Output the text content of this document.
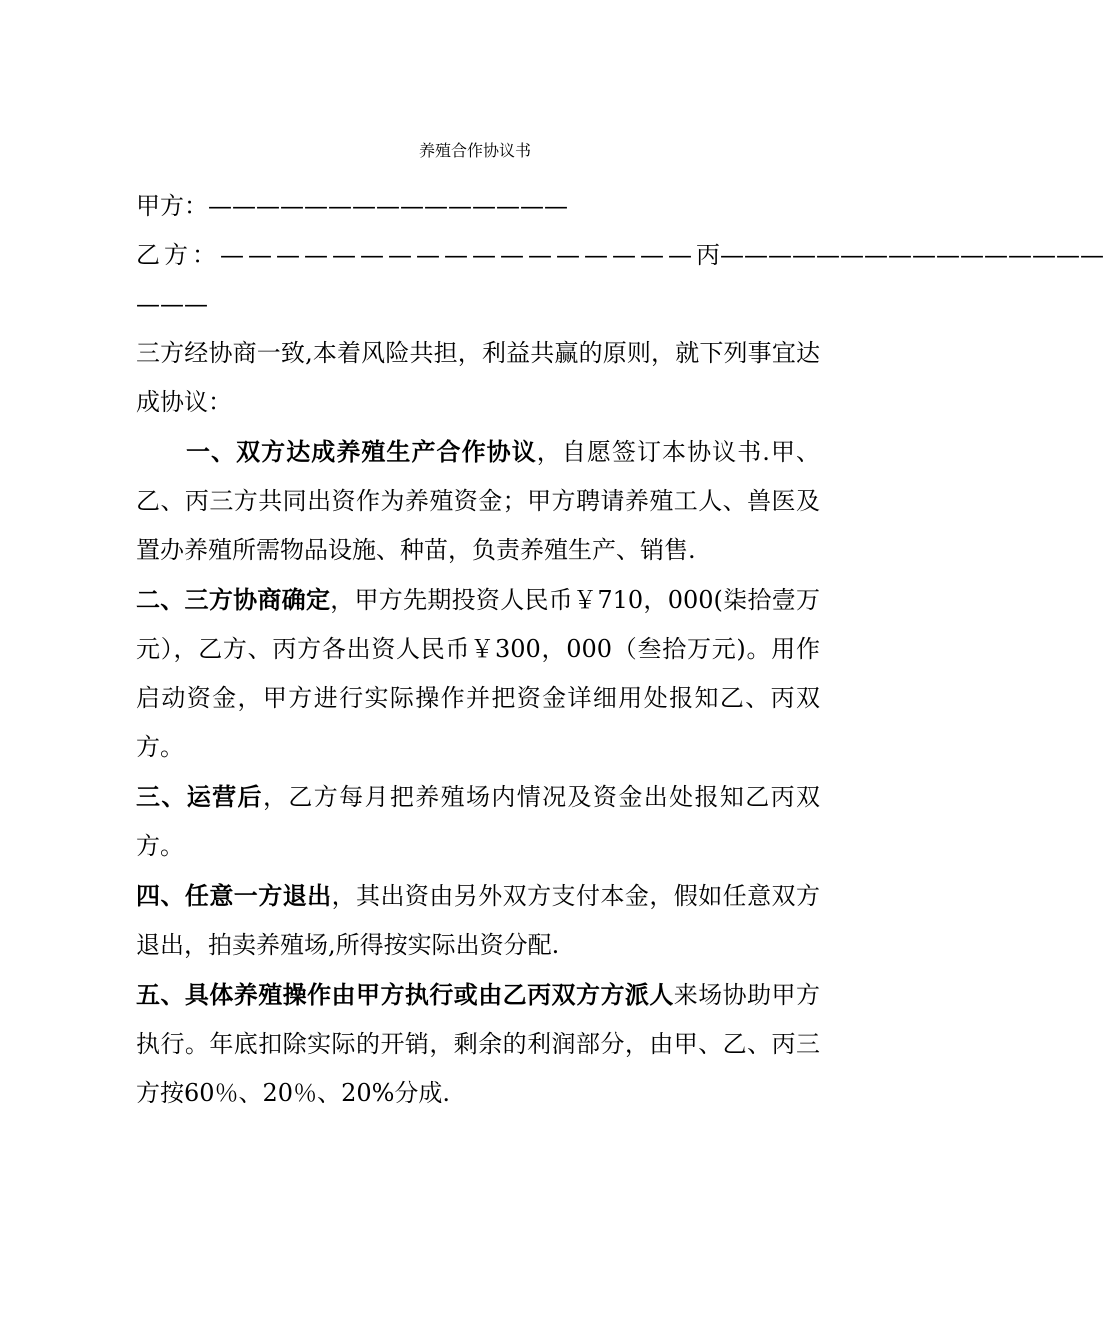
养殖合作协议书

甲方：———————————————

乙方：————————————————— 丙————————————————

———

三方经协商一致,本着风险共担，利益共赢的原则，就下列事宜达成协议：

一、双方达成养殖生产合作协议，自愿签订本协议书.甲、乙、丙三方共同出资作为养殖资金；甲方聘请养殖工人、兽医及置办养殖所需物品设施、种苗，负责养殖生产、销售.

二、三方协商确定，甲方先期投资人民币￥710，000(柒拾壹万元），乙方、丙方各出资人民币￥300，000（叁拾万元)。用作启动资金，甲方进行实际操作并把资金详细用处报知乙、丙双方。

三、运营后，乙方每月把养殖场内情况及资金出处报知乙丙双方。

四、任意一方退出，其出资由另外双方支付本金，假如任意双方退出，拍卖养殖场,所得按实际出资分配.

五、具体养殖操作由甲方执行或由乙丙双方方派人来场协助甲方执行。年底扣除实际的开销，剩余的利润部分，由甲、乙、丙三方按60％、20％、20%分成.
